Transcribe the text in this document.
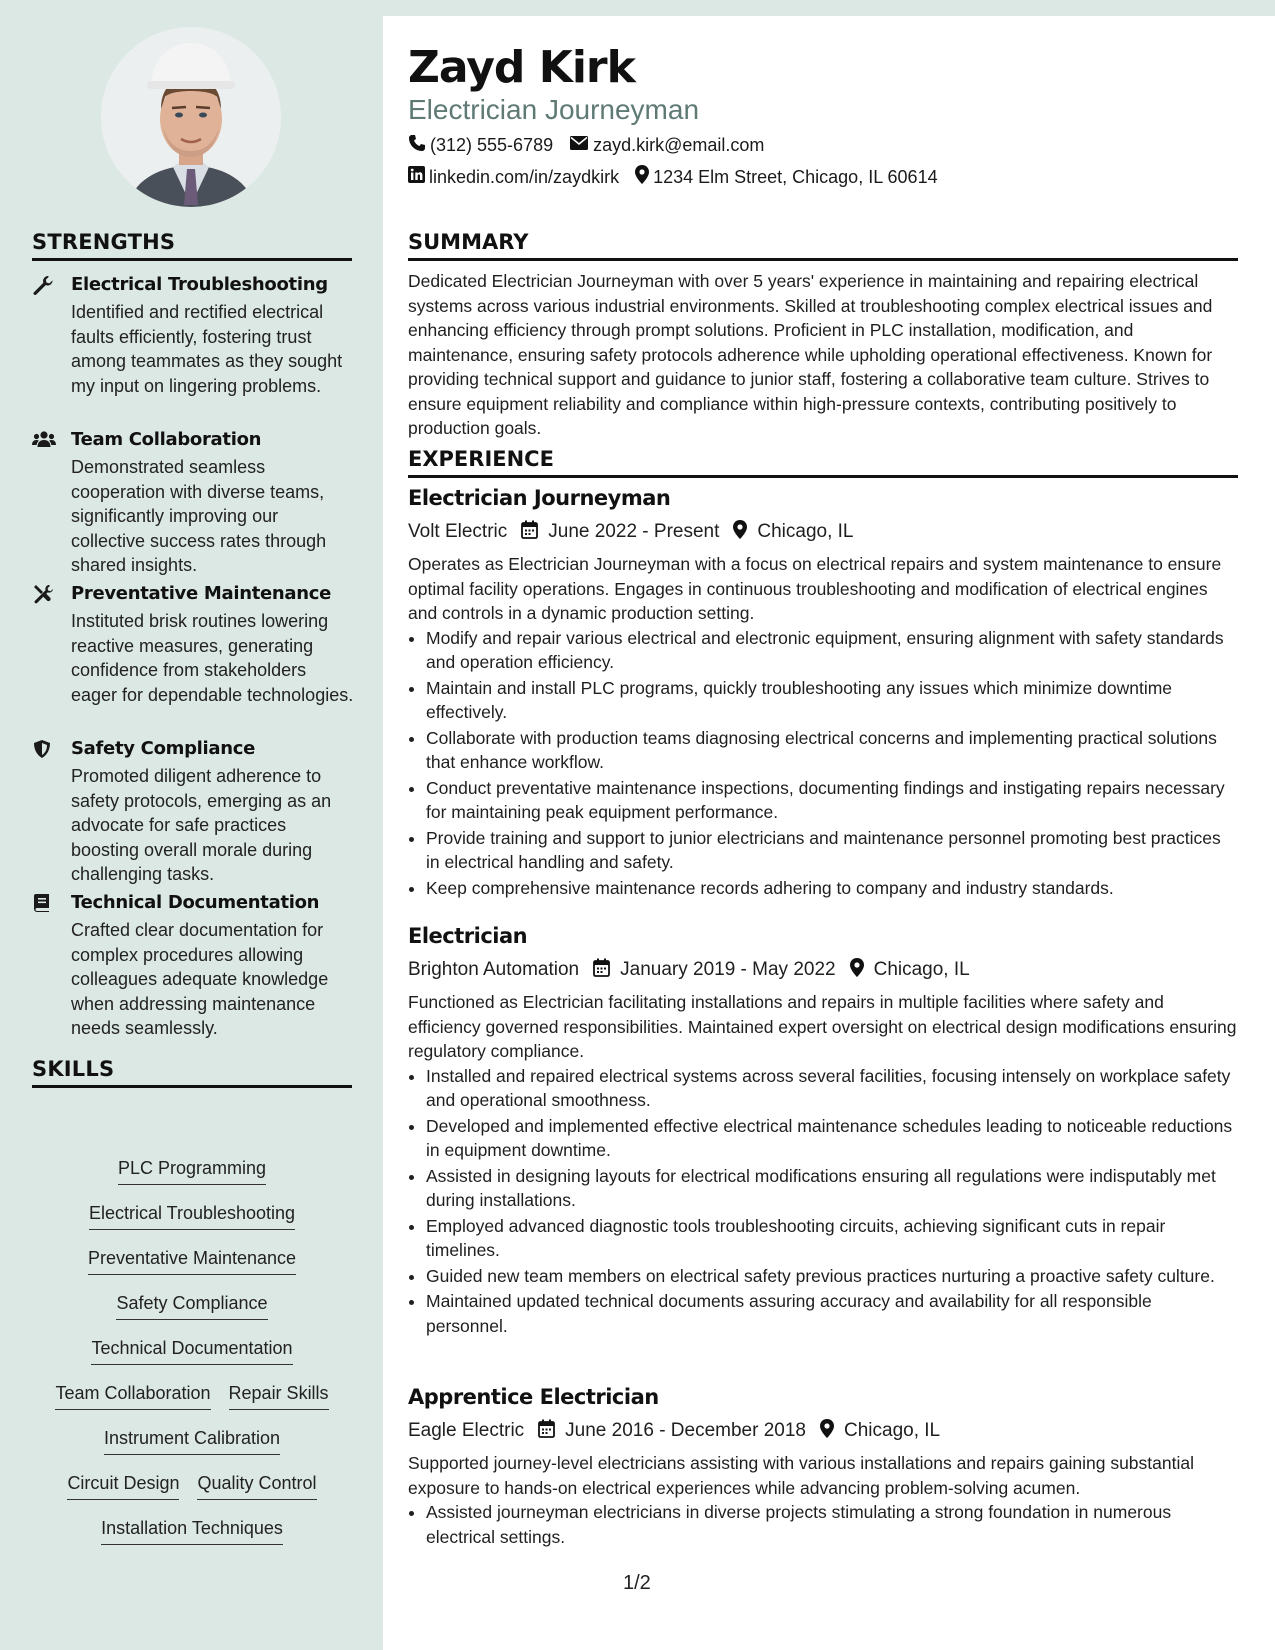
STRENGTHS
Electrical Troubleshooting
Identified and rectified electrical faults efficiently, fostering trust among teammates as they sought my input on lingering problems.
Team Collaboration
Demonstrated seamless cooperation with diverse teams, significantly improving our collective success rates through shared insights.
Preventative Maintenance
Instituted brisk routines lowering reactive measures, generating confidence from stakeholders eager for dependable technologies.
Safety Compliance
Promoted diligent adherence to safety protocols, emerging as an advocate for safe practices boosting overall morale during challenging tasks.
Technical Documentation
Crafted clear documentation for complex procedures allowing colleagues adequate knowledge when addressing maintenance needs seamlessly.
SKILLS
PLC Programming
Electrical Troubleshooting
Preventative Maintenance
Safety Compliance
Technical Documentation
Team Collaboration Repair Skills
Instrument Calibration
Circuit Design Quality Control
Installation Techniques
Zayd Kirk
Electrician Journeyman
(312) 555-6789 zayd.kirk@email.com
linkedin.com/in/zaydkirk 1234 Elm Street, Chicago, IL 60614
SUMMARY
Dedicated Electrician Journeyman with over 5 years' experience in maintaining and repairing electrical systems across various industrial environments. Skilled at troubleshooting complex electrical issues and enhancing efficiency through prompt solutions. Proficient in PLC installation, modification, and maintenance, ensuring safety protocols adherence while upholding operational effectiveness. Known for providing technical support and guidance to junior staff, fostering a collaborative team culture. Strives to ensure equipment reliability and compliance within high-pressure contexts, contributing positively to production goals.
EXPERIENCE
Electrician Journeyman
Volt Electric June 2022 - Present Chicago, IL
Operates as Electrician Journeyman with a focus on electrical repairs and system maintenance to ensure optimal facility operations. Engages in continuous troubleshooting and modification of electrical engines and controls in a dynamic production setting.
• Modify and repair various electrical and electronic equipment, ensuring alignment with safety standards and operation efficiency.
• Maintain and install PLC programs, quickly troubleshooting any issues which minimize downtime effectively.
• Collaborate with production teams diagnosing electrical concerns and implementing practical solutions that enhance workflow.
• Conduct preventative maintenance inspections, documenting findings and instigating repairs necessary for maintaining peak equipment performance.
• Provide training and support to junior electricians and maintenance personnel promoting best practices in electrical handling and safety.
• Keep comprehensive maintenance records adhering to company and industry standards.
Electrician
Brighton Automation January 2019 - May 2022 Chicago, IL
Functioned as Electrician facilitating installations and repairs in multiple facilities where safety and efficiency governed responsibilities. Maintained expert oversight on electrical design modifications ensuring regulatory compliance.
• Installed and repaired electrical systems across several facilities, focusing intensely on workplace safety and operational smoothness.
• Developed and implemented effective electrical maintenance schedules leading to noticeable reductions in equipment downtime.
• Assisted in designing layouts for electrical modifications ensuring all regulations were indisputably met during installations.
• Employed advanced diagnostic tools troubleshooting circuits, achieving significant cuts in repair timelines.
• Guided new team members on electrical safety previous practices nurturing a proactive safety culture.
• Maintained updated technical documents assuring accuracy and availability for all responsible personnel.
Apprentice Electrician
Eagle Electric June 2016 - December 2018 Chicago, IL
Supported journey-level electricians assisting with various installations and repairs gaining substantial exposure to hands-on electrical experiences while advancing problem-solving acumen.
• Assisted journeyman electricians in diverse projects stimulating a strong foundation in numerous electrical settings.
1/2
